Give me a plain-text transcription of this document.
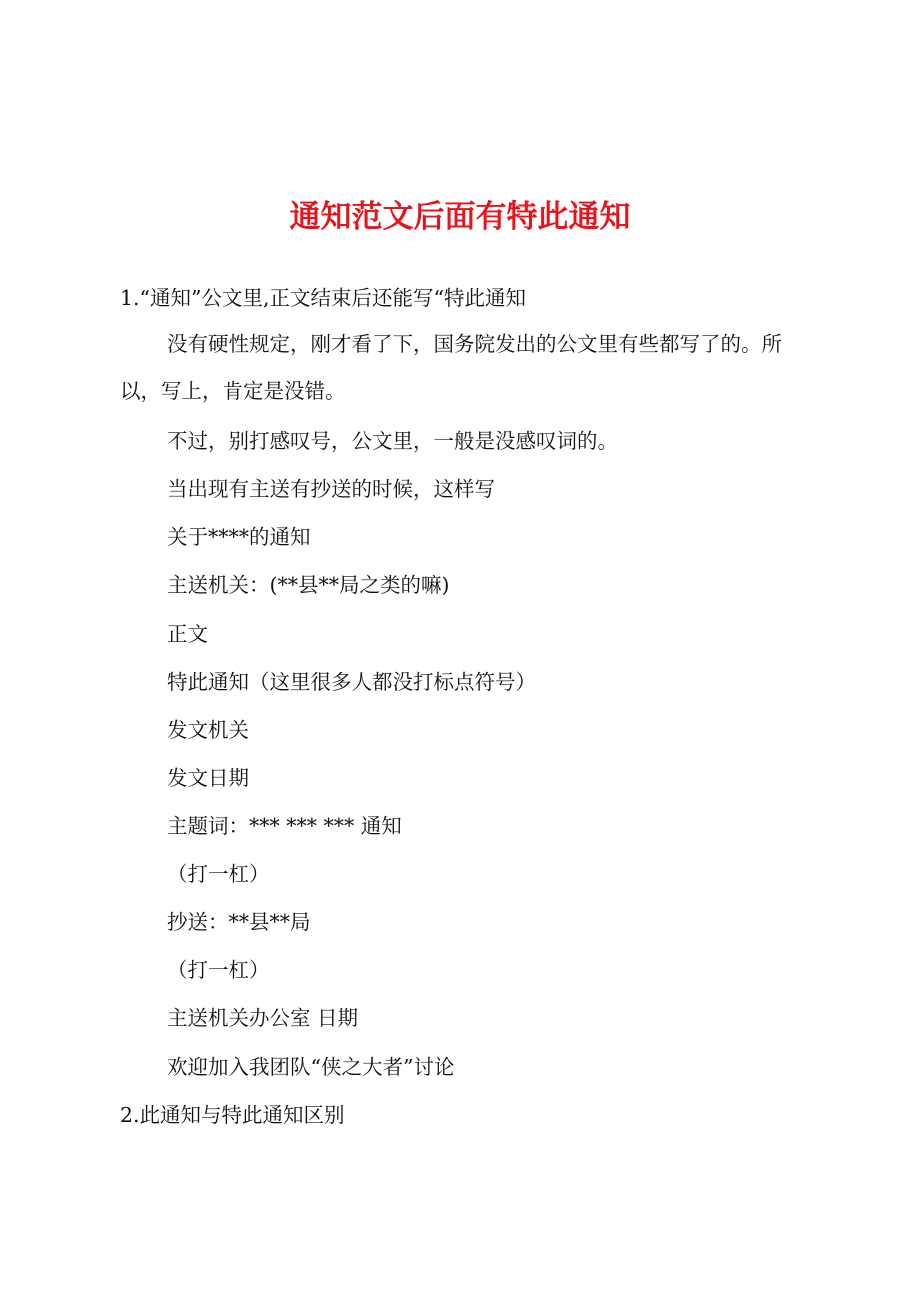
通知范文后面有特此通知
1.“通知”公文里,正文结束后还能写“特此通知
没有硬性规定，刚才看了下，国务院发出的公文里有些都写了的。所以，写上，肯定是没错。
不过，别打感叹号，公文里，一般是没感叹词的。
当出现有主送有抄送的时候，这样写
关于****的通知
主送机关：(**县**局之类的嘛)
正文
特此通知（这里很多人都没打标点符号）
发文机关
发文日期
主题词：*** *** *** 通知
（打一杠）
抄送：**县**局
（打一杠）
主送机关办公室 日期
欢迎加入我团队“侠之大者”讨论
2.此通知与特此通知区别
